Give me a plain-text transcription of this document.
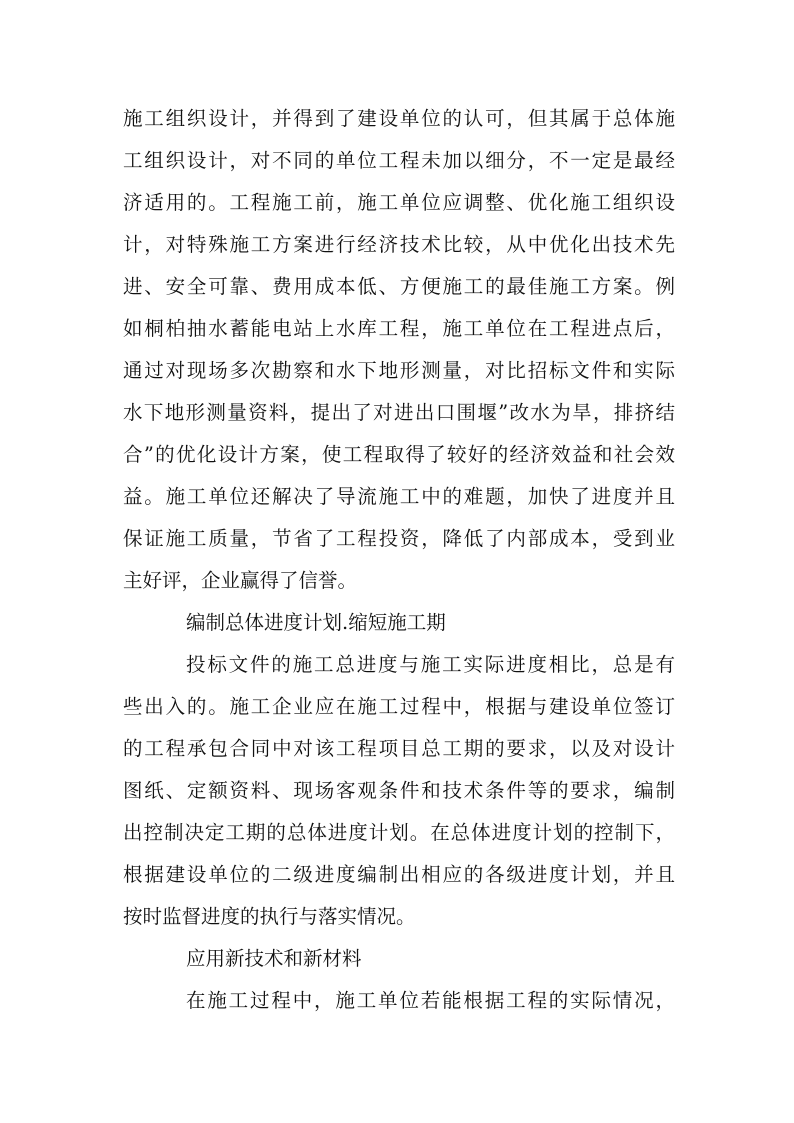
施工组织设计，并得到了建设单位的认可，但其属于总体施
工组织设计，对不同的单位工程未加以细分，不一定是最经
济适用的。工程施工前，施工单位应调整、优化施工组织设
计，对特殊施工方案进行经济技术比较，从中优化出技术先
进、安全可靠、费用成本低、方便施工的最佳施工方案。例
如桐柏抽水蓄能电站上水库工程，施工单位在工程进点后，
通过对现场多次勘察和水下地形测量，对比招标文件和实际
水下地形测量资料，提出了对进出口围堰”改水为旱，排挤结
合”的优化设计方案，使工程取得了较好的经济效益和社会效
益。施工单位还解决了导流施工中的难题，加快了进度并且
保证施工质量，节省了工程投资，降低了内部成本，受到业
主好评，企业赢得了信誉。
编制总体进度计划.缩短施工期
投标文件的施工总进度与施工实际进度相比，总是有
些出入的。施工企业应在施工过程中，根据与建设单位签订
的工程承包合同中对该工程项目总工期的要求，以及对设计
图纸、定额资料、现场客观条件和技术条件等的要求，编制
出控制决定工期的总体进度计划。在总体进度计划的控制下，
根据建设单位的二级进度编制出相应的各级进度计划，并且
按时监督进度的执行与落实情况。
应用新技术和新材料
在施工过程中，施工单位若能根据工程的实际情况，
